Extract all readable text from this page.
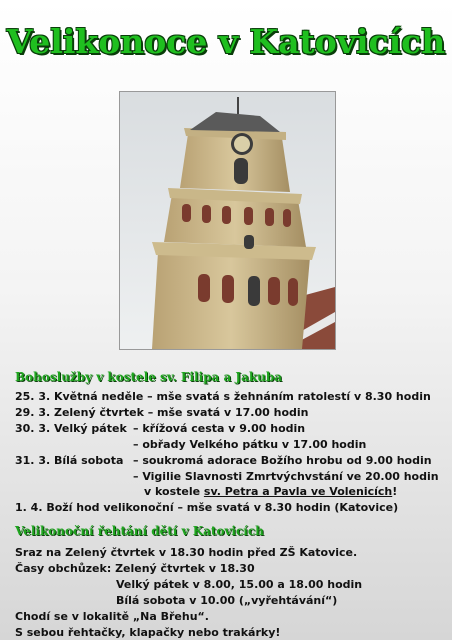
Velikonoce v Katovicích
Bohoslužby v kostele sv. Filipa a Jakuba
25. 3. Květná neděle – mše svatá s žehnáním ratolestí v 8.30 hodin
29. 3. Zelený čtvrtek – mše svatá v 17.00 hodin
30. 3. Velký pátek – křížová cesta v 9.00 hodin
– obřady Velkého pátku v 17.00 hodin
31. 3. Bílá sobota – soukromá adorace Božího hrobu od 9.00 hodin
– Vigilie Slavnosti Zmrtvýchvstání ve 20.00 hodin
v kostele sv. Petra a Pavla ve Volenicích!
1. 4. Boží hod velikonoční – mše svatá v 8.30 hodin (Katovice)
Velikonoční řehtání dětí v Katovicích
Sraz na Zelený čtvrtek v 18.30 hodin před ZŠ Katovice.
Časy obchůzek: Zelený čtvrtek v 18.30
Velký pátek v 8.00, 15.00 a 18.00 hodin
Bílá sobota v 10.00 („vyřehtávání“)
Chodí se v lokalitě „Na Břehu“.
S sebou řehtačky, klapačky nebo trakárky!
